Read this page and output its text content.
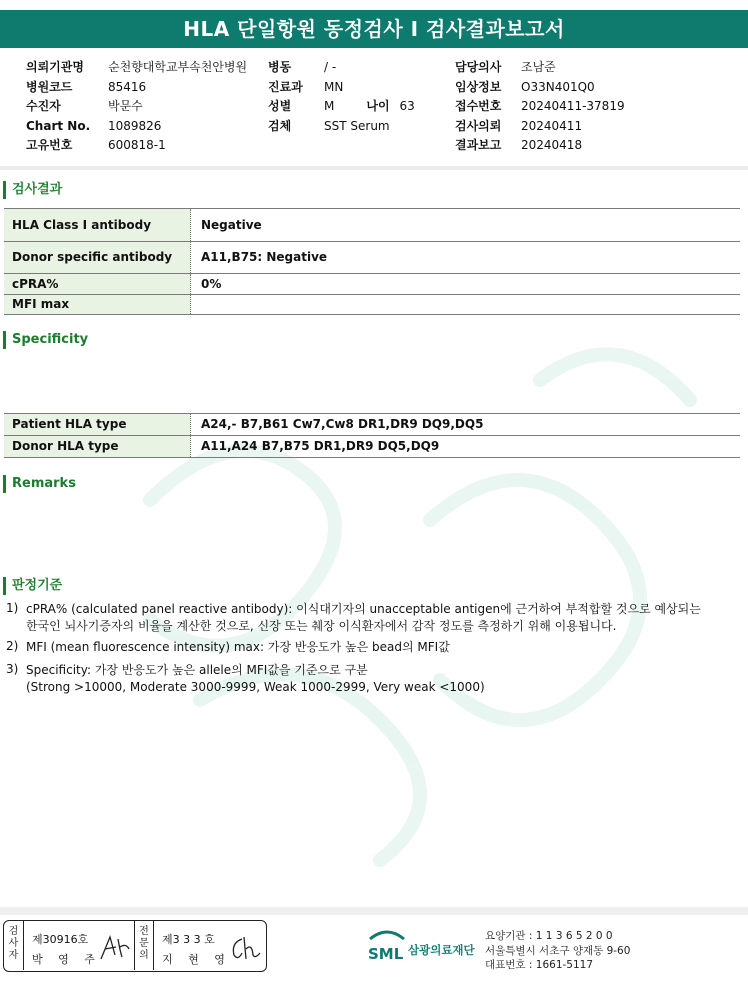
HLA 단일항원 동정검사 I 검사결과보고서
의뢰기관명 순천향대학교부속천안병원
병원코드	85416
수진자	박문수
Chart No. 1089826
고유번호	600818-1
병동	/ -
진료과 MN
성별	M	나이 63
검체	SST Serum
담당의사 조남준
임상정보 O33N401Q0
접수번호 20240411-37819
검사의뢰 20240411
결과보고 20240418
검사결과
HLA Class I antibody	Negative
Donor specific antibody	A11,B75: Negative
cPRA%	0%
MFI max
Specificity
Patient HLA type	A24,- B7,B61 Cw7,Cw8 DR1,DR9 DQ9,DQ5
Donor HLA type	A11,A24 B7,B75 DR1,DR9 DQ5,DQ9
Remarks
판정기준
1) cPRA% (calculated panel reactive antibody): 이식대기자의 unacceptable antigen에 근거하여 부적합할 것으로 예상되는
한국인 뇌사기증자의 비율을 계산한 것으로, 신장 또는 췌장 이식환자에서 감작 정도를 측정하기 위해 이용됩니다.
2) MFI (mean fluorescence intensity) max: 가장 반응도가 높은 bead의 MFI값
3) Specificity: 가장 반응도가 높은 allele의 MFI값을 기준으로 구분
(Strong >10000, Moderate 3000-9999, Weak 1000-2999, Very weak <1000)
검
사
자
제30916호
박 영 주
전
문
의
제3 3 3 호
지 현 영	SML 삼광의료재단
요양기관 : 1 1 3 6 5 2 0 0
서울특별시 서초구 양재동 9-60
대표번호 : 1661-5117
